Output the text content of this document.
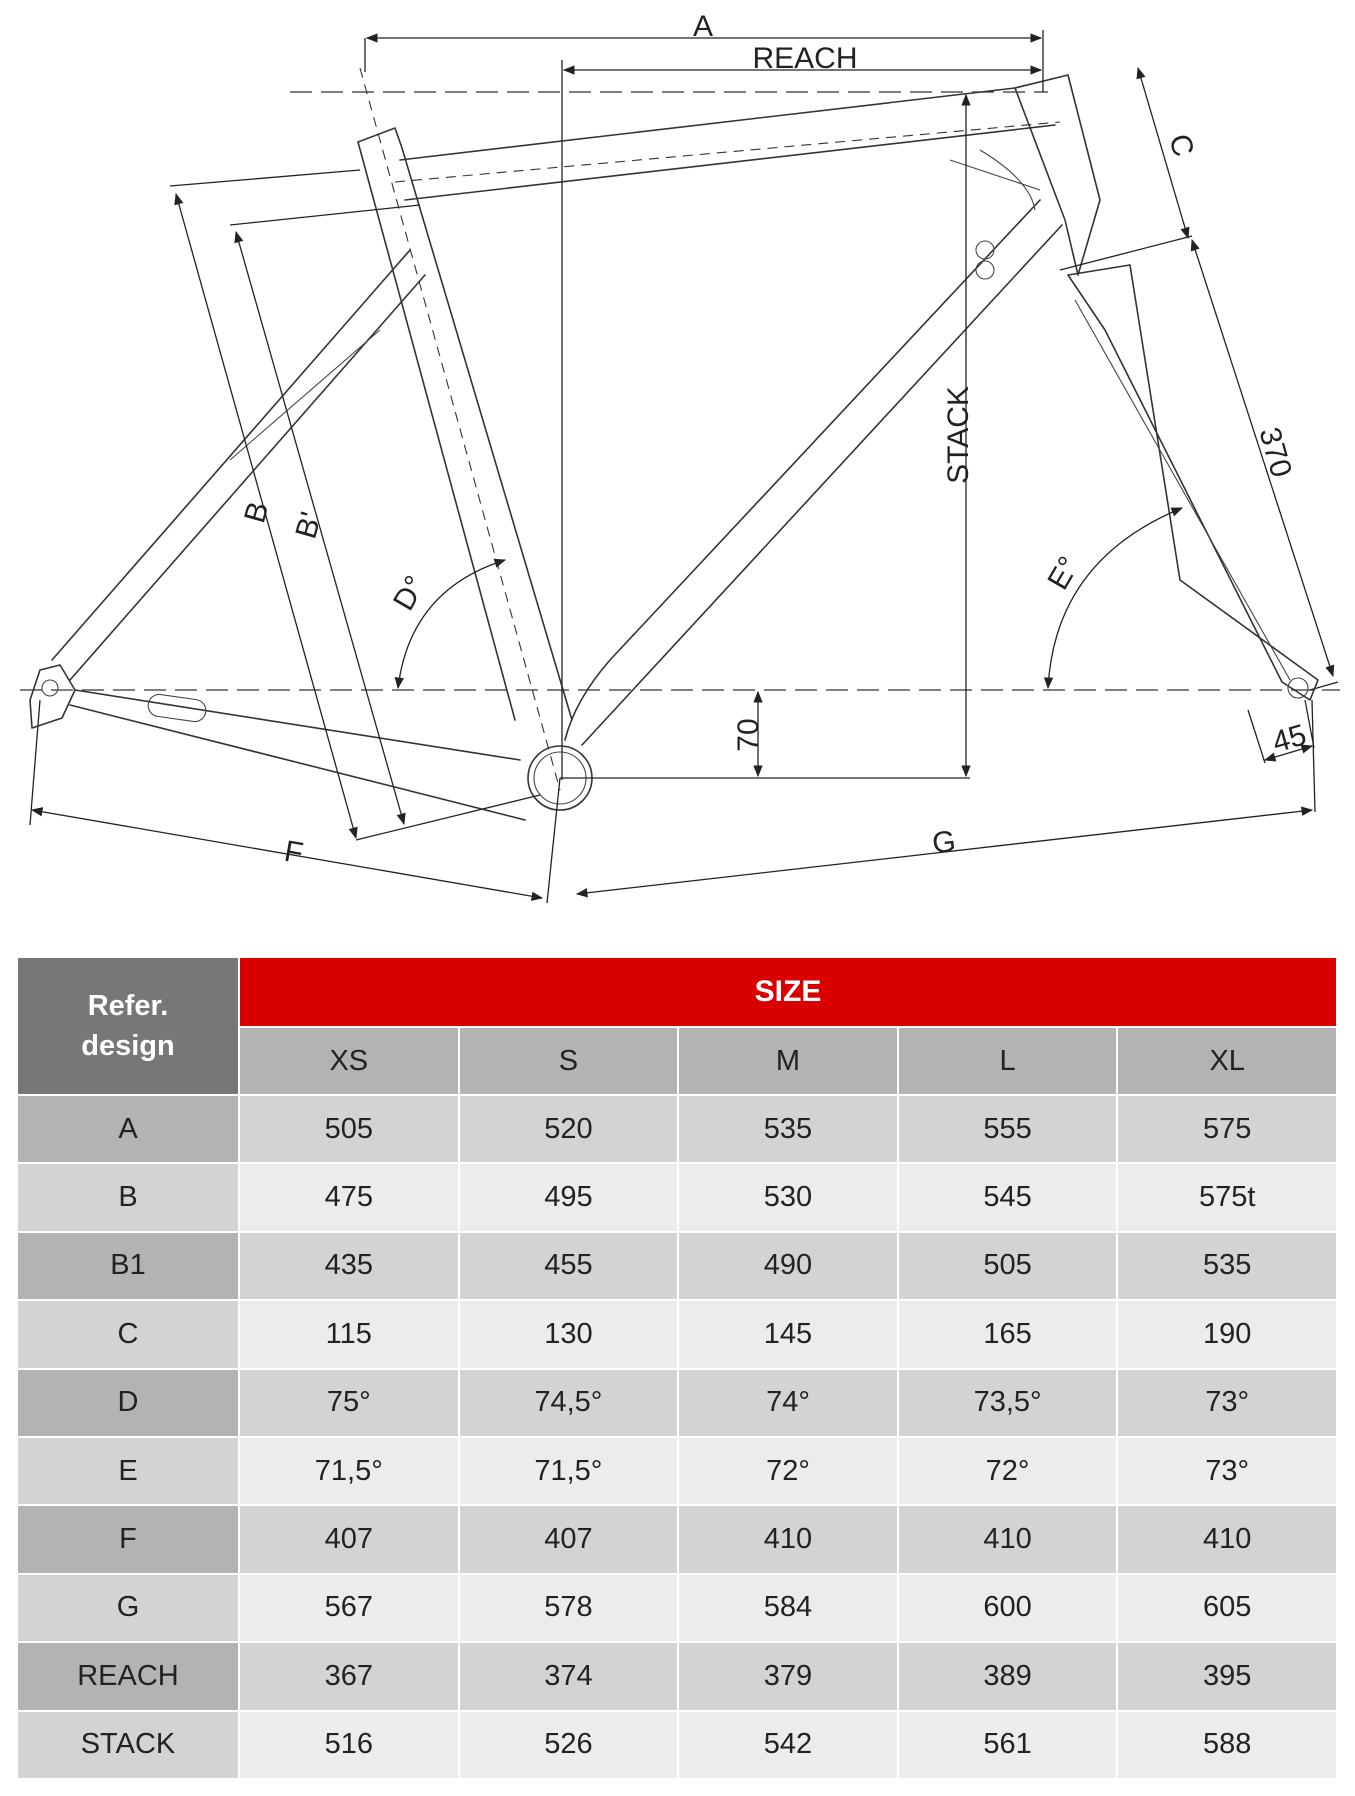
A
REACH
STACK
70
C
370
45
B B'
D°	E°
F	G
Refer.
design
SIZE
XS	S	M	L	XL
A	505	520	535	555	575
B	475	495	530	545	575t
B1	435	455	490	505	535
C	115	130	145	165	190
D	75°	74,5°	74°	73,5°	73°
E	71,5°	71,5°	72°	72°	73°
F	407	407	410	410	410
G	567	578	584	600	605
REACH	367	374	379	389	395
STACK	516	526	542	561	588
